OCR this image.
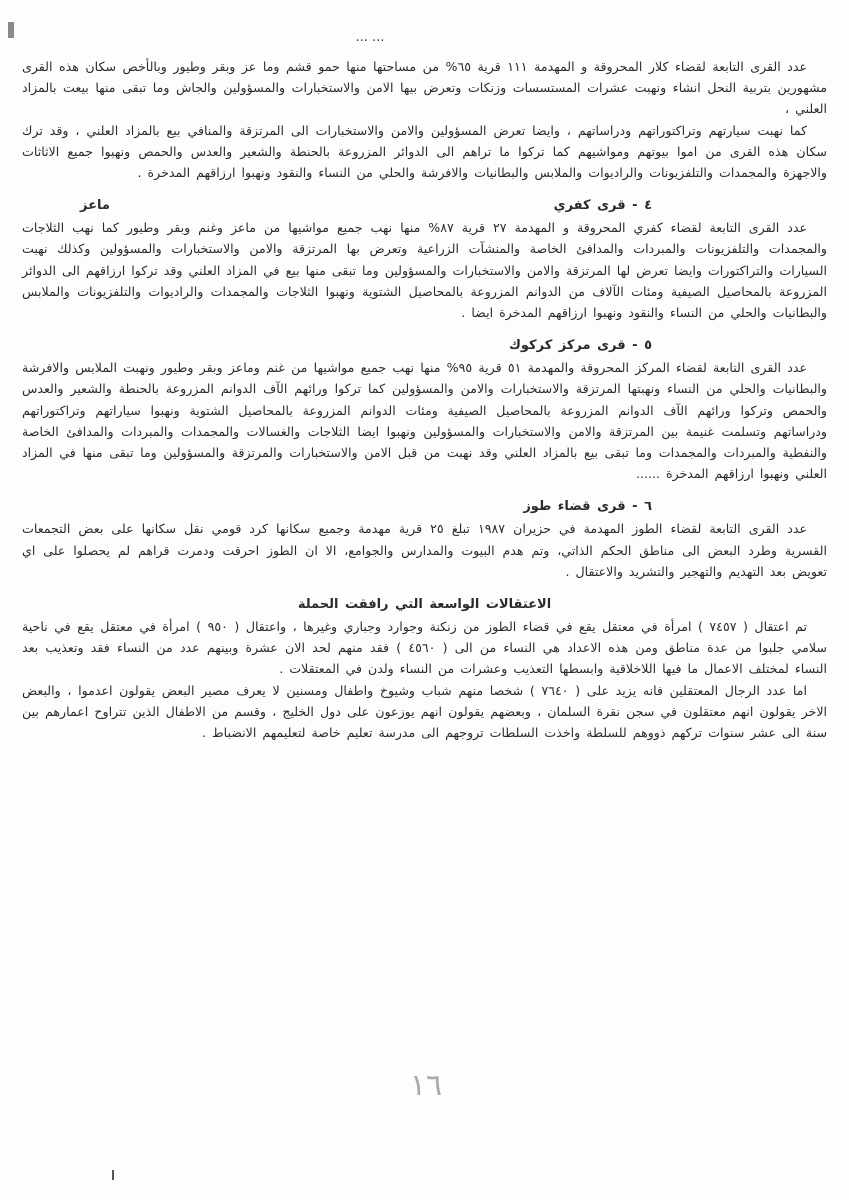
... ...

عدد القرى التابعة لقضاء كلار المحروقة و المهدمة ١١١ قرية ٦٥% من مساحتها منها حمو قشم وما عز وبقر وطيور وبالأخص سكان هذه القرى مشهورين بتربية النحل انشاء ونهبت عشرات المستسسات وزنكات وتعرض بيها الامن والاستخبارات والمسؤولين والجاش وما تبقى منها بيعت بالمزاد العلني ،

كما نهبت سيارتهم وتراكتوراتهم ودراساتهم ، وايضا تعرض المسؤولين والامن والاستخبارات الى المرتزقة والمنافي بيع بالمزاد العلني ، وقد ترك سكان هذه القرى من اموا بيوتهم ومواشيهم كما تركوا ما تراهم الى الدوائر المزروعة بالحنطة والشعير والعدس والحمص ونهبوا جميع الاثاثات والاجهزة والمجمدات والتلفزيونات والراديوات والملابس والبطانيات والافرشة والحلي من النساء والنقود ونهبوا ارزاقهم المدخرة .

٤ - قرى كفري
ماعز

عدد القرى التابعة لقضاء كفري المحروقة و المهدمة ٢٧ قرية ٨٧% منها نهب جميع مواشيها من ماعز وغنم وبقر وطيور كما نهب الثلاجات والمجمدات والتلفزيونات والمبردات والمدافئ الخاصة والمنشآت الزراعية وتعرض بها المرتزقة والامن والاستخبارات والمسؤولين وكذلك نهبت السيارات والتراكتورات وايضا تعرض لها المرتزقة والامن والاستخبارات والمسؤولين وما تبقى منها بيع في المزاد العلني وقد تركوا ارزاقهم الى الدوائر المزروعة بالمحاصيل الصيفية ومئات الآلاف من الدوانم المزروعة بالمحاصيل الشتوية ونهبوا الثلاجات والمجمدات والراديوات والتلفزيونات والملابس والبطانيات والحلي من النساء والنقود ونهبوا ارزاقهم المدخرة ايضا .

٥ - قرى مركز كركوك

عدد القرى التابعة لقضاء المركز المحروقة والمهدمة ٥١ قرية ٩٥% منها نهب جميع مواشيها من غنم وماعز وبقر وطيور ونهبت الملابس والافرشة والبطانيات والحلي من النساء ونهبتها المرتزقة والاستخبارات والامن والمسؤولين كما تركوا ورائهم الآف الدوانم المزروعة بالحنطة والشعير والعدس والحمص وتركوا ورائهم الآف الدوانم المزروعة بالمحاصيل الصيفية ومئات الدوانم المزروعة بالمحاصيل الشتوية ونهبوا سياراتهم وتراكتوراتهم ودراساتهم وتسلمت غنيمة بين المرتزقة والامن والاستخبارات والمسؤولين ونهبوا ايضا الثلاجات والغسالات والمجمدات والمبردات والمدافئ الخاصة والنفطية والمبردات والمجمدات وما تبقى بيع بالمزاد العلني وقد نهبت من قبل الامن والاستخبارات والمرتزقة والمسؤولين وما تبقى منها في المزاد العلني ونهبوا ارزاقهم المدخرة ......

٦ - قرى قضاء طوز

عدد القرى التابعة لقضاء الطوز المهدمة في حزيران ١٩٨٧ تبلغ ٢٥ قرية مهدمة وجميع سكانها كرد قومي نقل سكانها على بعض التجمعات القسرية وطرد البعض الى مناطق الحكم الذاتي، وتم هدم البيوت والمدارس والجوامع، الا ان الطوز احرقت ودمرت قراهم لم يحصلوا على اي تعويض بعد التهديم والتهجير والتشريد والاعتقال .

الاعتقالات الواسعة التي رافقت الحملة

تم اعتقال ( ٧٤٥٧ ) امرأة في معتقل يقع في قضاء الطوز من زنكنة وجوارد وجباري وغيرها ، واعتقال ( ٩٥٠ ) امرأة في معتقل يقع في ناحية سلامي جلبوا من عدة مناطق ومن هذه الاعداد هي النساء من الى ( ٤٥٦٠ ) فقد منهم لحد الان عشرة وبينهم عدد من النساء فقد وتعذيب بعد النساء لمختلف الاعمال ما فيها اللاخلاقية وابسطها التعذيب وعشرات من النساء ولدن في المعتقلات .

اما عدد الرجال المعتقلين فانه يزيد على ( ٧٦٤٠ ) شخصا منهم شباب وشيوخ واطفال ومسنين لا يعرف مصير البعض يقولون اعدموا ، والبعض الاخر يقولون انهم معتقلون في سجن نقرة السلمان ، وبعضهم يقولون انهم يوزعون على دول الخليج ، وقسم من الاطفال الذين تتراوح اعمارهم بين سنة الى عشر سنوات تركهم ذووهم للسلطة واخذت السلطات تروجهم الى مدرسة تعليم خاصة لتعليمهم الانضباط .

١٦
